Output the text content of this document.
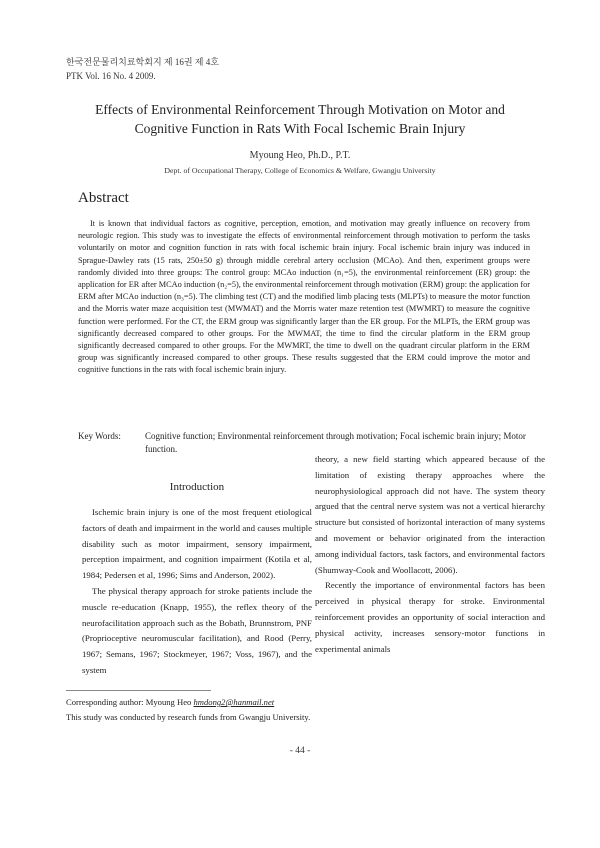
한국전문물리치료학회지 제 16권 제 4호
PTK Vol. 16 No. 4 2009.
Effects of Environmental Reinforcement Through Motivation on Motor and
Cognitive Function in Rats With Focal Ischemic Brain Injury
Myoung Heo, Ph.D., P.T.
Dept. of Occupational Therapy, College of Economics & Welfare, Gwangju University
Abstract
It is known that individual factors as cognitive, perception, emotion, and motivation may greatly influence on recovery from neurologic region. This study was to investigate the effects of environmental reinforcement through motivation to perform the tasks voluntarily on motor and cognition function in rats with focal ischemic brain injury. Focal ischemic brain injury was induced in Sprague-Dawley rats (15 rats, 250±50 g) through middle cerebral artery occlusion (MCAo). And then, experiment groups were randomly divided into three groups: The control group: MCAo induction (n₁=5), the environmental reinforcement (ER) group: the application for ER after MCAo induction (n₂=5), the environmental reinforcement through motivation (ERM) group: the application for ERM after MCAo induction (n₃=5). The climbing test (CT) and the modified limb placing tests (MLPTs) to measure the motor function and the Morris water maze acquisition test (MWMAT) and the Morris water maze retention test (MWMRT) to measure the cognitive function were performed. For the CT, the ERM group was significantly larger than the ER group. For the MLPTs, the ERM group was significantly decreased compared to other groups. For the MWMAT, the time to find the circular platform in the ERM group significantly decreased compared to other groups. For the MWMRT, the time to dwell on the quadrant circular platform in the ERM group was significantly increased compared to other groups. These results suggested that the ERM could improve the motor and cognitive functions in the rats with focal ischemic brain injury.
Key Words:	Cognitive function; Environmental reinforcement through motivation; Focal ischemic brain injury; Motor function.
Introduction

Ischemic brain injury is one of the most frequent etiological factors of death and impairment in the world and causes multiple disability such as motor impairment, sensory impairment, perception impairment, and cognition impairment (Kotila et al, 1984; Pedersen et al, 1996; Sims and Anderson, 2002).

The physical therapy approach for stroke patients include the muscle re-education (Knapp, 1955), the reflex theory of the neurofacilitation approach such as the Bobath, Brunnstrom, PNF (Proprioceptive neuromuscular facilitation), and Rood (Perry, 1967; Semans, 1967; Stockmeyer, 1967; Voss, 1967), and the system

theory, a new field starting which appeared because of the limitation of existing therapy approaches where the neurophysiological approach did not have. The system theory argued that the central nerve system was not a vertical hierarchy structure but consisted of horizontal interaction of many systems and movement or behavior originated from the interaction among individual factors, task factors, and environmental factors (Shumway-Cook and Woollacott, 2006).

Recently the importance of environmental factors has been perceived in physical therapy for stroke. Environmental reinforcement provides an opportunity of social interaction and physical activity, increases sensory-motor functions in experimental animals

Corresponding author: Myoung Heo hmdong2@hanmail.net
This study was conducted by research funds from Gwangju University.
- 44 -
